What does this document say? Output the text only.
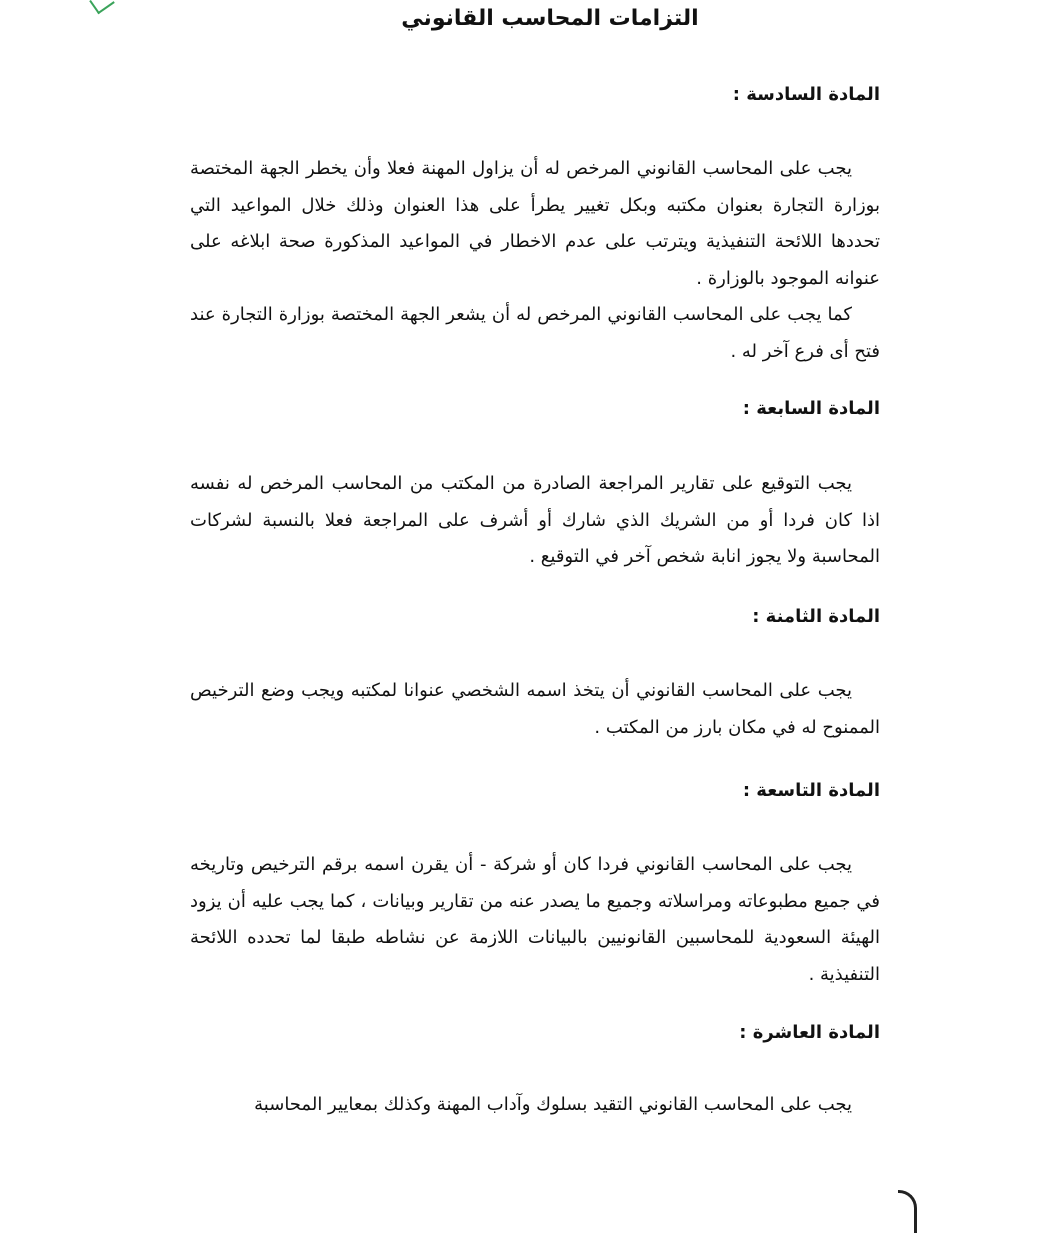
التزامات المحاسب القانوني

المادة السادسة :

يجب على المحاسب القانوني المرخص له أن يزاول المهنة فعلا وأن يخطر الجهة المختصة بوزارة التجارة بعنوان مكتبه وبكل تغيير يطرأ على هذا العنوان وذلك خلال المواعيد التي تحددها اللائحة التنفيذية ويترتب على عدم الاخطار في المواعيد المذكورة صحة ابلاغه على عنوانه الموجود بالوزارة .

كما يجب على المحاسب القانوني المرخص له أن يشعر الجهة المختصة بوزارة التجارة عند فتح أى فرع آخر له .

المادة السابعة :

يجب التوقيع على تقارير المراجعة الصادرة من المكتب من المحاسب المرخص له نفسه اذا كان فردا أو من الشريك الذي شارك أو أشرف على المراجعة فعلا بالنسبة لشركات المحاسبة ولا يجوز انابة شخص آخر في التوقيع .

المادة الثامنة :

يجب على المحاسب القانوني أن يتخذ اسمه الشخصي عنوانا لمكتبه ويجب وضع الترخيص الممنوح له في مكان بارز من المكتب .

المادة التاسعة :

يجب على المحاسب القانوني فردا كان أو شركة - أن يقرن اسمه برقم الترخيص وتاريخه في جميع مطبوعاته ومراسلاته وجميع ما يصدر عنه من تقارير وبيانات ، كما يجب عليه أن يزود الهيئة السعودية للمحاسبين القانونيين بالبيانات اللازمة عن نشاطه طبقا لما تحدده اللائحة التنفيذية .

المادة العاشرة :

يجب على المحاسب القانوني التقيد بسلوك وآداب المهنة وكذلك بمعايير المحاسبة
